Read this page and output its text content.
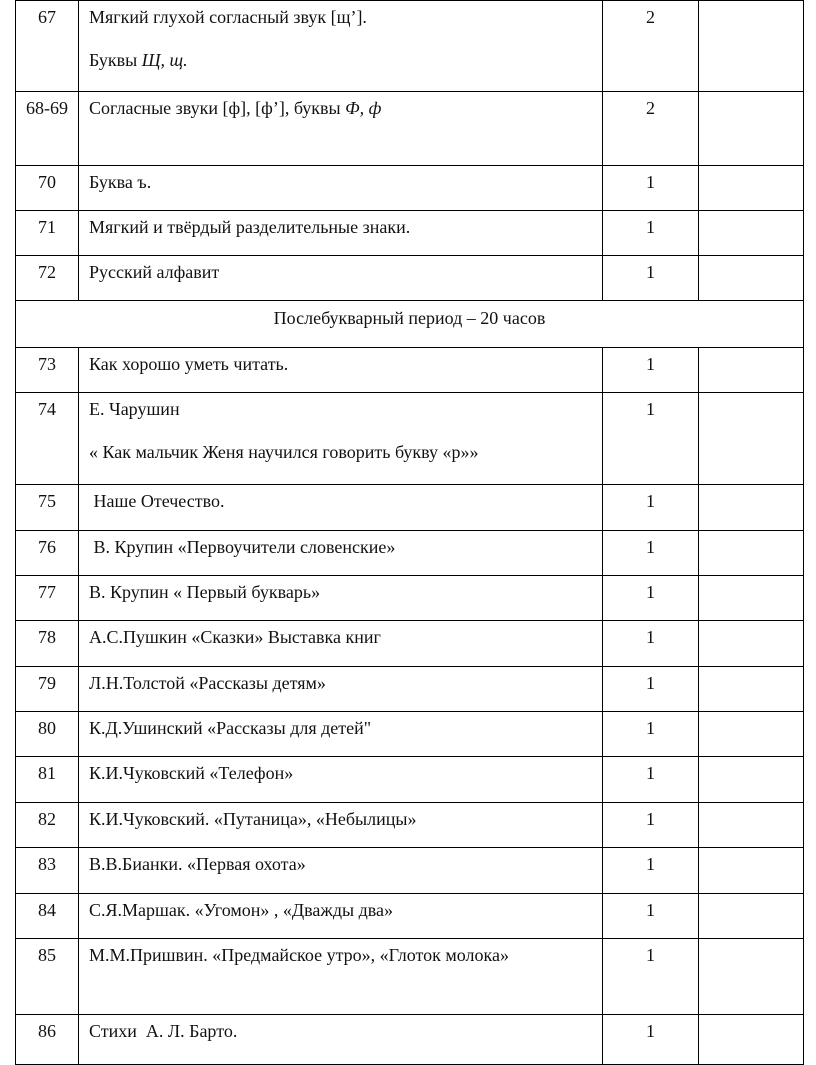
67	Мягкий глухой согласный звук [щ’].

Буквы Щ, щ.	2	
68-69	Согласные звуки [ф], [ф’], буквы Ф, ф	2	
70	Буква ъ.	1	
71	Мягкий и твёрдый разделительные знаки.	1	
72	Русский алфавит	1	
Послебукварный период – 20 часов			
73	Как хорошо уметь читать.	1	
74	Е. Чарушин

« Как мальчик Женя научился говорить букву «р»»	1	
75	Наше Отечество.	1	
76	В. Крупин «Первоучители словенские»	1	
77	В. Крупин « Первый букварь»	1	
78	А.С.Пушкин «Сказки» Выставка книг	1	
79	Л.Н.Толстой «Рассказы детям»	1	
80	К.Д.Ушинский «Рассказы для детей"	1	
81	К.И.Чуковский «Телефон»	1	
82	К.И.Чуковский. «Путаница», «Небылицы»	1	
83	В.В.Бианки. «Первая охота»	1	
84	С.Я.Маршак. «Угомон» , «Дважды два»	1	
85	М.М.Пришвин. «Предмайское утро», «Глоток молока»	1	
86	Стихи  А. Л. Барто.	1	
